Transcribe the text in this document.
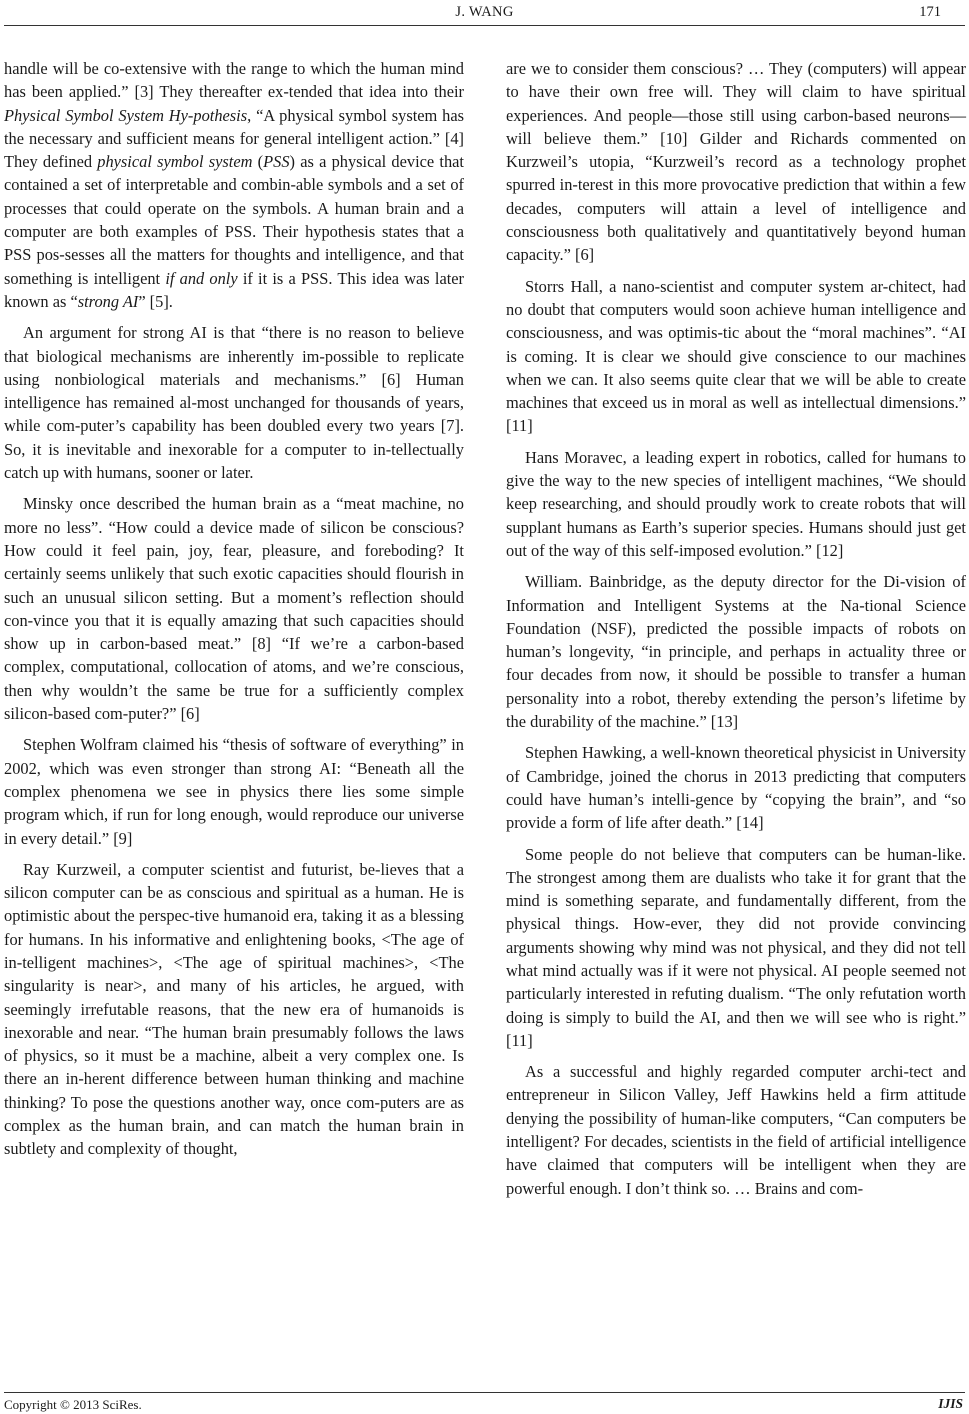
J. WANG	171

handle will be co-extensive with the range to which the human mind has been applied.” [3] They thereafter ex-tended that idea into their Physical Symbol System Hy-pothesis, “A physical symbol system has the necessary and sufficient means for general intelligent action.” [4] They defined physical symbol system (PSS) as a physical device that contained a set of interpretable and combin-able symbols and a set of processes that could operate on the symbols. A human brain and a computer are both examples of PSS. Their hypothesis states that a PSS pos-sesses all the matters for thoughts and intelligence, and that something is intelligent if and only if it is a PSS. This idea was later known as “strong AI” [5].

An argument for strong AI is that “there is no reason to believe that biological mechanisms are inherently im-possible to replicate using nonbiological materials and mechanisms.” [6] Human intelligence has remained al-most unchanged for thousands of years, while com-puter’s capability has been doubled every two years [7]. So, it is inevitable and inexorable for a computer to in-tellectually catch up with humans, sooner or later.

Minsky once described the human brain as a “meat machine, no more no less”. “How could a device made of silicon be conscious? How could it feel pain, joy, fear, pleasure, and foreboding? It certainly seems unlikely that such exotic capacities should flourish in such an unusual silicon setting. But a moment’s reflection should con-vince you that it is equally amazing that such capacities should show up in carbon-based meat.” [8] “If we’re a carbon-based complex, computational, collocation of atoms, and we’re conscious, then why wouldn’t the same be true for a sufficiently complex silicon-based com-puter?” [6]

Stephen Wolfram claimed his “thesis of software of everything” in 2002, which was even stronger than strong AI: “Beneath all the complex phenomena we see in physics there lies some simple program which, if run for long enough, would reproduce our universe in every detail.” [9]

Ray Kurzweil, a computer scientist and futurist, be-lieves that a silicon computer can be as conscious and spiritual as a human. He is optimistic about the perspec-tive humanoid era, taking it as a blessing for humans. In his informative and enlightening books, <The age of in-telligent machines>, <The age of spiritual machines>, <The singularity is near>, and many of his articles, he argued, with seemingly irrefutable reasons, that the new era of humanoids is inexorable and near. “The human brain presumably follows the laws of physics, so it must be a machine, albeit a very complex one. Is there an in-herent difference between human thinking and machine thinking? To pose the questions another way, once com-puters are as complex as the human brain, and can match the human brain in subtlety and complexity of thought,

are we to consider them conscious? … They (computers) will appear to have their own free will. They will claim to have spiritual experiences. And people—those still using carbon-based neurons—will believe them.” [10] Gilder and Richards commented on Kurzweil’s utopia, “Kurzweil’s record as a technology prophet spurred in-terest in this more provocative prediction that within a few decades, computers will attain a level of intelligence and consciousness both qualitatively and quantitatively beyond human capacity.” [6]

Storrs Hall, a nano-scientist and computer system ar-chitect, had no doubt that computers would soon achieve human intelligence and consciousness, and was optimis-tic about the “moral machines”. “AI is coming. It is clear we should give conscience to our machines when we can. It also seems quite clear that we will be able to create machines that exceed us in moral as well as intellectual dimensions.” [11]

Hans Moravec, a leading expert in robotics, called for humans to give the way to the new species of intelligent machines, “We should keep researching, and should proudly work to create robots that will supplant humans as Earth’s superior species. Humans should just get out of the way of this self-imposed evolution.” [12]

William. Bainbridge, as the deputy director for the Di-vision of Information and Intelligent Systems at the Na-tional Science Foundation (NSF), predicted the possible impacts of robots on human’s longevity, “in principle, and perhaps in actuality three or four decades from now, it should be possible to transfer a human personality into a robot, thereby extending the person’s lifetime by the durability of the machine.” [13]

Stephen Hawking, a well-known theoretical physicist in University of Cambridge, joined the chorus in 2013 predicting that computers could have human’s intelli-gence by “copying the brain”, and “so provide a form of life after death.” [14]

Some people do not believe that computers can be human-like. The strongest among them are dualists who take it for grant that the mind is something separate, and fundamentally different, from the physical things. How-ever, they did not provide convincing arguments showing why mind was not physical, and they did not tell what mind actually was if it were not physical. AI people seemed not particularly interested in refuting dualism. “The only refutation worth doing is simply to build the AI, and then we will see who is right.” [11]

As a successful and highly regarded computer archi-tect and entrepreneur in Silicon Valley, Jeff Hawkins held a firm attitude denying the possibility of human-like computers, “Can computers be intelligent? For decades, scientists in the field of artificial intelligence have claimed that computers will be intelligent when they are powerful enough. I don’t think so. … Brains and com-

Copyright © 2013 SciRes.	IJIS
